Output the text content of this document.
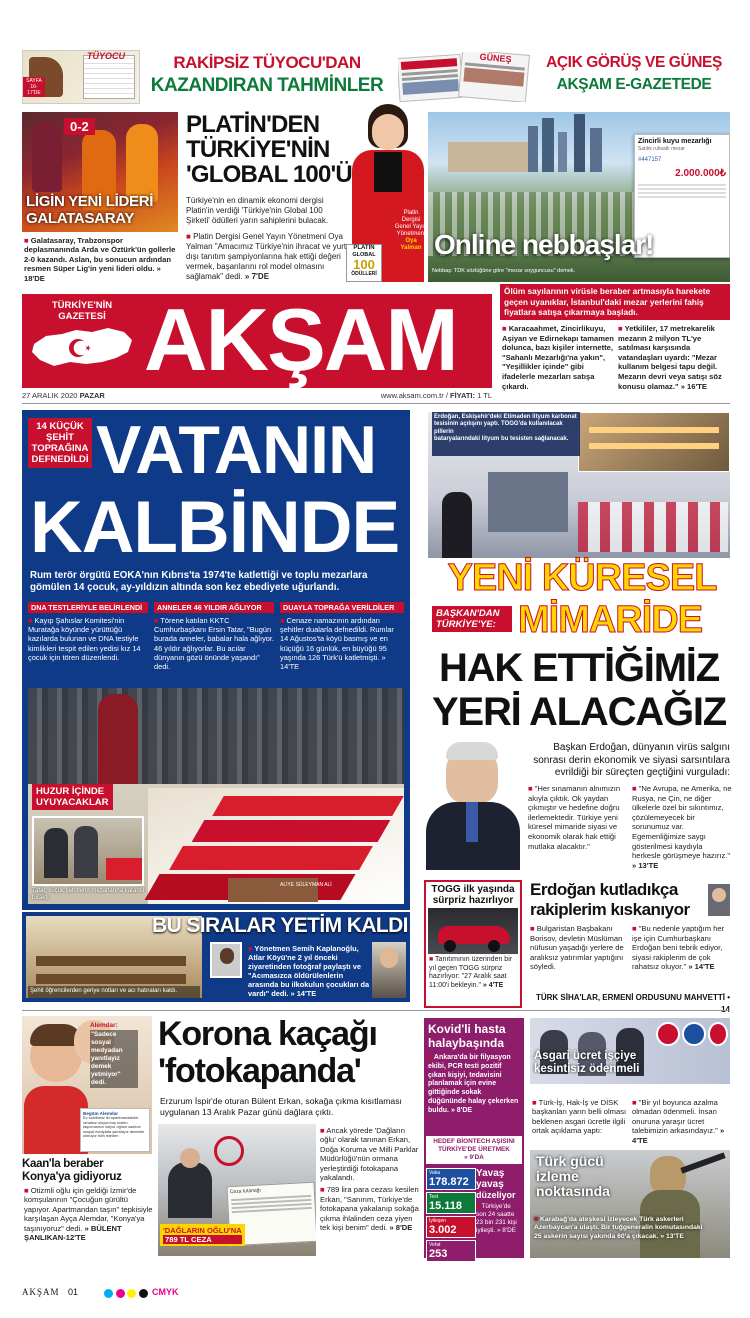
TÜYOCU
SAYFA
16-17'DE
RAKİPSİZ TÜYOCU'DAN
KAZANDIRAN TAHMİNLER
GÜNEŞ	AÇIK GÖRÜŞ VE GÜNEŞ
AKŞAM E-GAZETEDE
0-2
LİGİN YENİ LİDERİ
GALATASARAY
■ Galatasaray, Trabzonspor deplasmanında Arda ve Öztürk'ün gollerle 2-0 kazandı. Aslan, bu sonucun ardından resmen Süper Lig'in yeni lideri oldu. » 18'DE
PLATİN'DEN
TÜRKİYE'NİN
'GLOBAL 100'Ü
Türkiye'nin en dinamik ekonomi dergisi Platin'in verdiği 'Türkiye'nin Global 100 Şirketi' ödülleri yarın sahiplerini bulacak.
■ Platin Dergisi Genel Yayın Yönetmeni Oya Yalman "Amacımız Türkiye'nin ihracat ve yurt dışı tanıtım şampiyonlarına hak ettiği değeri vermek, başarılarını rol model olmasını sağlamak" dedi. » 7'DE
Platin
Dergisi
Genel Yayın
Yönetmeni
Oya
Yalman
PLATIN
GLOBAL
100
ÖDÜLLERİ
Zincirli kuyu mezarlığı
Satılık ruhsatlı mezar
#447157
2.000.000₺
Online nebbaşlar!
Nebbaş: TDK sözlüğüne göre "mezar soyguncusu" demek.
Ölüm sayılarının virüsle beraber artmasıyla harekete geçen uyanıklar, İstanbul'daki mezar yerlerini fahiş fiyatlara satışa çıkarmaya başladı.
■ Karacaahmet, Zincirlikuyu, Aşiyan ve Edirnekapı tamamen dolunca, bazı kişiler internette, "Sahanlı Mezarlığı'na yakın", "Yeşillikler içinde" gibi ifadelerle mezarları satışa çıkardı.
■ Yetkililer, 17 metrekarelik mezarın 2 milyon TL'ye satılması karşısında vatandaşları uyardı: "Mezar kullanım belgesi tapu değil. Mezarın devri veya satışı söz konusu olamaz." » 16'TE
TÜRKİYE'NİN
GAZETESİ AKŞAM
27 ARALIK 2020 PAZAR	www.aksam.com.tr / FİYATI: 1 TL
14 KÜÇÜK
ŞEHİT
TOPRAĞINA
DEFNEDİLDİ VATANIN
KALBİNDE
Rum terör örgütü EOKA'nın Kıbrıs'ta 1974'te katlettiği ve toplu mezarlara gömülen 14 çocuk, ay-yıldızın altında son kez ebediyete uğurlandı.
DNA TESTLERİYLE BELİRLENDİ
■ Kayıp Şahıslar Komitesi'nin Muratağa köyünde yürüttüğü kazılarda bulunan ve DNA testiyle kimlikleri tespit edilen yedisi kız 14 çocuk için tören düzenlendi.
ANNELER 46 YILDIR AĞLIYOR
■ Törene katılan KKTC Cumhurbaşkanı Ersin Tatar, "Bugün burada anneler, babalar hala ağlıyor. 46 yıldır ağlıyorlar. Bu acılar dünyanın gözü önünde yaşandı" dedi.
DUAYLA TOPRAĞA VERİLDİLER
■ Cenaze namazının ardından şehitler dualarla defnedildi. Rumlar 14 Ağustos'ta köyü basmış ve en küçüğü 16 günlük, en büyüğü 95 yaşında 126 Türk'ü katletmişti. » 14'TE
ALİYE SÜLEYMAN ALİ
HUZUR İÇİNDE
UYUYACAKLAR
Tatar, küçük şehitlerin mezarlarına karanfil bıraktı.
Şehit öğrencilerden geriye notları ve acı hatıraları kaldı.
BU SIRALAR YETİM KALDI
■ Yönetmen Semih Kaplanoğlu, Atlar Köyü'ne 2 yıl önceki ziyaretinden fotoğraf paylaştı ve "Acımasızca öldürülenlerin arasında bu ilkokulun çocukları da vardı" dedi. » 14'TE
Erdoğan, Eskişehir'deki Etimaden lityum karbonat
tesisinin açılışını yaptı. TOGG'da kullanılacak pillerin
bataryalarındaki lityum bu tesisten sağlanacak.
YENİ KÜRESEL
BAŞKAN'DAN
TÜRKİYE'YE: MİMARİDE
HAK ETTİĞİMİZ
YERİ ALACAĞIZ
Başkan Erdoğan, dünyanın virüs salgını sonrası derin ekonomik ve siyasi sarsıntılara evrildiği bir süreçten geçtiğini vurguladı:
■ "Her sınamanın alnımızın akıyla çıktık. Ok yaydan çıkmıştır ve hedefine doğru ilerlemektedir. Türkiye yeni küresel mimaride siyasi ve ekonomik olarak hak ettiği mutlaka alacaktır."
■ "Ne Avrupa, ne Amerika, ne Rusya, ne Çin, ne diğer ülkelerle özel bir sıkıntımız, çözülemeyecek bir sorunumuz var. Egemenliğimize saygı gösterilmesi kaydıyla herkesle görüşmeye hazırız." » 13'TE
TOGG ilk yaşında
sürpriz hazırlıyor
■ Tanıtımının üzerinden bir yıl geçen TOGG sürpriz hazırlıyor: "27 Aralık saat 11:00'i bekleyin." » 4'TE
Erdoğan kutladıkça
rakiplerim kıskanıyor
■ Bulgaristan Başbakanı Borisov, devletin Müslüman nüfusun yaşadığı yerlere de aralıksız yatırımlar yaptığını söyledi.
■ "Bu nedenle yaptığım her işe için Cumhurbaşkanı Erdoğan beni tebrik ediyor, siyasi rakiplerim de çok rahatsız oluyor." » 14'TE
TÜRK SİHA'LAR, ERMENİ ORDUSUNU MAHVETTİ •
Begüm Alemdar
Ev sahibimiz iki apartmandakiler rahatsız oluyormuş evden taşınmamızı istiyor oğlum sadece sosyal medyada yanıtlayız demekle olmuyor bilin isteden
Alemdar:
"Sadece sosyal medyadan yanıtlayız demek yetmiyor" dedi.
Kaan'la beraber
Konya'ya gidiyoruz
■ Otizmli oğlu için geldiği İzmir'de komşularının "Çocuğun gürültü yapıyor. Apartmandan taşın" tepkisiyle karşılaşan Ayça Alemdar, "Konya'ya taşınıyoruz" dedi. » BÜLENT ŞANLIKAN-12'TE
Korona kaçağı
'fotokapanda'
Erzurum İspir'de oturan Bülent Erkan, sokağa çıkma kısıtlaması uygulanan 13 Aralık Pazar günü dağlara çıktı.
Ceza tutanağı
'DAĞLARIN OĞLU'NA
789 TL CEZA

■ Ancak yörede 'Dağların oğlu' olarak tanınan Erkan, Doğa Koruma ve Milli Parklar Müdürlüğü'nün ormana yerleştirdiği fotokapana yakalandı.

■ 789 lira para cezası kesilen Erkan, "Sanırım, Türkiye'de fotokapana yakalanıp sokağa çıkma ihlalinden ceza yiyen tek kişi benim" dedi. » 8'DE

Kovid'li hasta
halaybaşında
■ Ankara'da bir filyasyon ekibi, PCR testi pozitif çıkan kişiyi, tedavisini planlamak için evine gittiğinde sokak düğününde halay çekerken buldu. » 8'DE
HEDEF BİONTECH AŞISINI
TÜRKİYE'DE ÜRETMEK
» 9'DA
Vaka
178.872
Test
15.118
İyileşen
3.002
Vefat
253
Yavaş
yavaş
düzeliyor
■ Türkiye'de son 24 saatte 23 bin 231 kişi iyileşti. » 8'DE
Asgari ücret işçiye
kesintisiz ödenmeli
■ Türk-İş, Hak-İş ve DİSK başkanları yarın belli olması beklenen asgari ücretle ilgili ortak açıklama yaptı:
■ "Bir yıl boyunca azalma olmadan ödenmeli. İnsan onuruna yaraşır ücret talebimizin arkasındayız." » 4'TE
Türk gücü
izleme
noktasında
■ Karabağ'da ateşkesi izleyecek Türk askerleri Azerbaycan'a ulaştı. Bir tuğgeneralin komutasındaki 25 askerin sayısı yakında 60'a çıkacak. » 13'TE
AKŞAM 01
	CMYK
